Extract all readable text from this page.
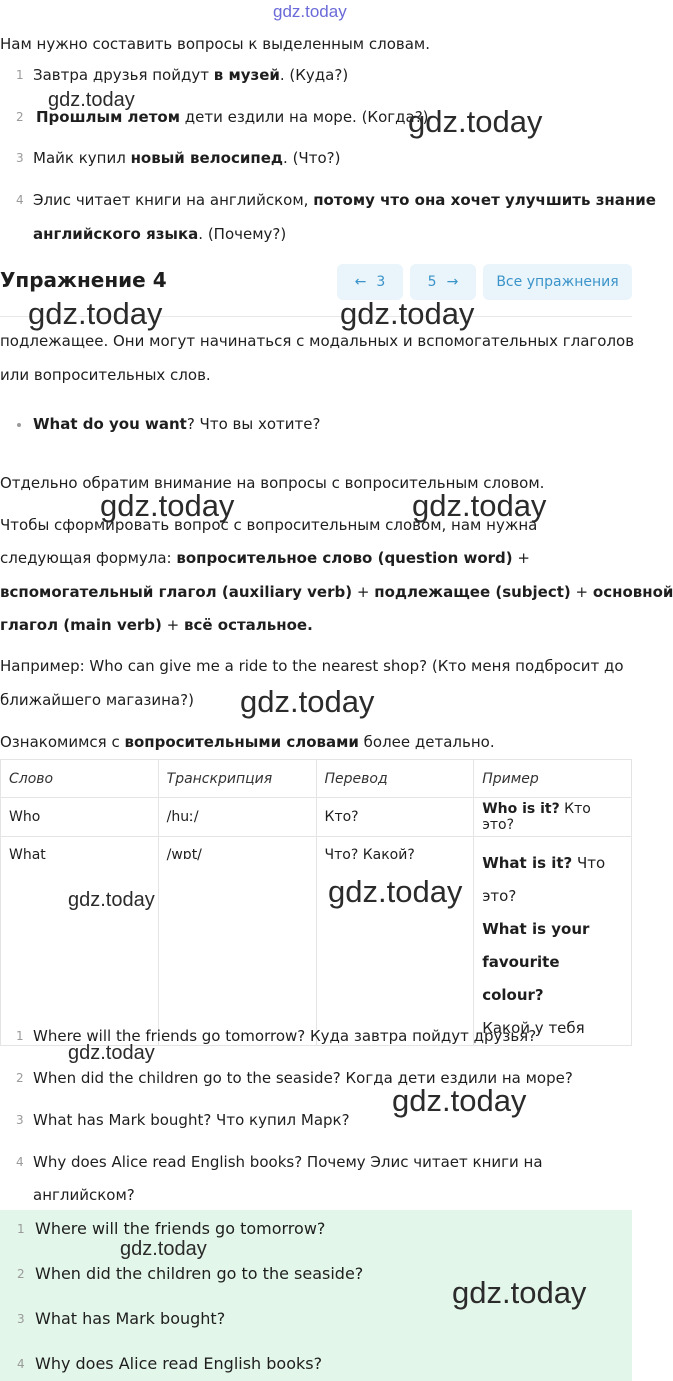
gdz.today
Нам нужно составить вопросы к выделенным словам.
1 Завтра друзья пойдут в музей. (Куда?)
2 Прошлым летом дети ездили на море. (Когда?)
3 Майк купил новый велосипед. (Что?)
4 Элис читает книги на английском, потому что она хочет улучшить знание
английского языка. (Почему?)
Упражнение 4	← 3	5 →	Все упражнения
подлежащее. Они могут начинаться с модальных и вспомогательных глаголов
или вопросительных слов.
What do you want? Что вы хотите?
Отдельно обратим внимание на вопросы с вопросительным словом.
Чтобы сформировать вопрос с вопросительным словом, нам нужна
следующая формула: вопросительное слово (question word) +
вспомогательный глагол (auxiliary verb) + подлежащее (subject) + основной
глагол (main verb) + всё остальное.
Например: Who can give me a ride to the nearest shop? (Кто меня подбросит до
ближайшего магазина?)
Ознакомимся с вопросительными словами более детально.
Слово	Транскрипция	Перевод	Пример
Who	/huː/	Кто?	Who is it? Кто это?
What	/wɒt/	Что? Какой?	What is it? Что
это?
What is your
favourite colour?
Какой у тебя
1 Where will the friends go tomorrow? Куда завтра пойдут друзья?
2 When did the children go to the seaside? Когда дети ездили на море?
3 What has Mark bought? Что купил Марк?
4 Why does Alice read English books? Почему Элис читает книги на
английском?
1 Where will the friends go tomorrow?
2 When did the children go to the seaside?
3 What has Mark bought?
4 Why does Alice read English books?
gdz.today
gdz.today
gdz.today	gdz.today
gdz.today	gdz.today
gdz.today
gdz.today	gdz.today
gdz.today
gdz.today
gdz.today
gdz.today
